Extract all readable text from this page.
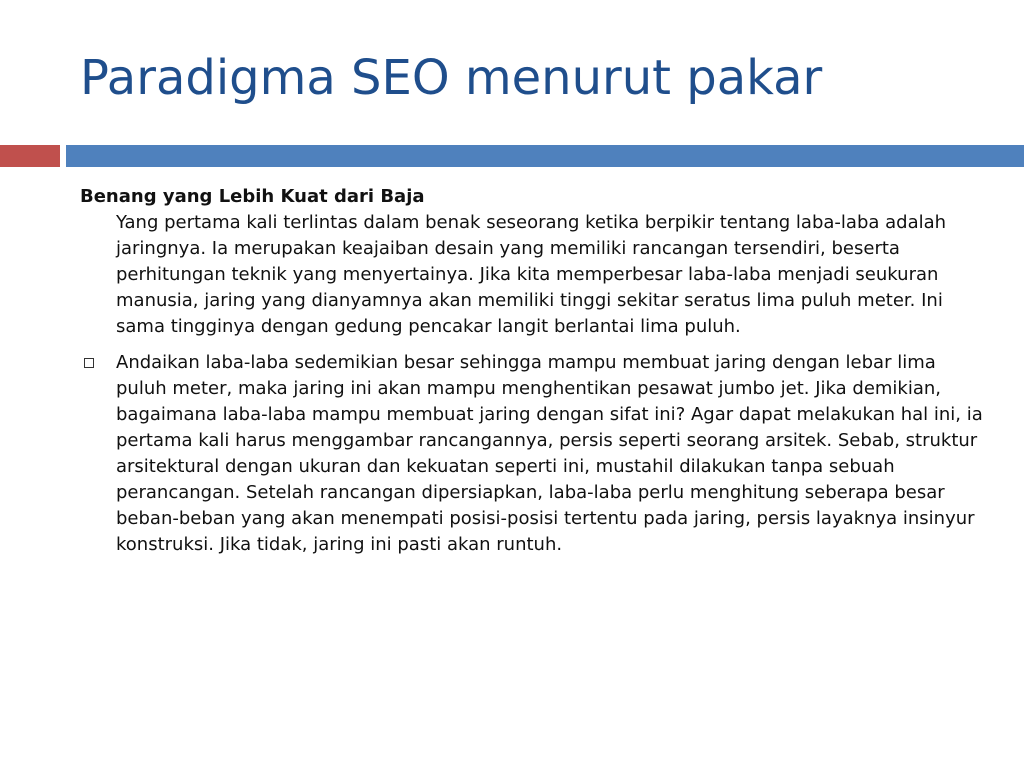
Paradigma SEO menurut pakar

Benang yang Lebih Kuat dari Baja

Yang pertama kali terlintas dalam benak seseorang ketika berpikir tentang laba-laba adalah jaringnya. Ia merupakan keajaiban desain yang memiliki rancangan tersendiri, beserta perhitungan teknik yang menyertainya. Jika kita memperbesar laba-laba menjadi seukuran manusia, jaring yang dianyamnya akan memiliki tinggi sekitar seratus lima puluh meter. Ini sama tingginya dengan gedung pencakar langit berlantai lima puluh.

Andaikan laba-laba sedemikian besar sehingga mampu membuat jaring dengan lebar lima puluh meter, maka jaring ini akan mampu menghentikan pesawat jumbo jet. Jika demikian, bagaimana laba-laba mampu membuat jaring dengan sifat ini? Agar dapat melakukan hal ini, ia pertama kali harus menggambar rancangannya, persis seperti seorang arsitek. Sebab, struktur arsitektural dengan ukuran dan kekuatan seperti ini, mustahil dilakukan tanpa sebuah perancangan. Setelah rancangan dipersiapkan, laba-laba perlu menghitung seberapa besar beban-beban yang akan menempati posisi-posisi tertentu pada jaring, persis layaknya insinyur konstruksi. Jika tidak, jaring ini pasti akan runtuh.
